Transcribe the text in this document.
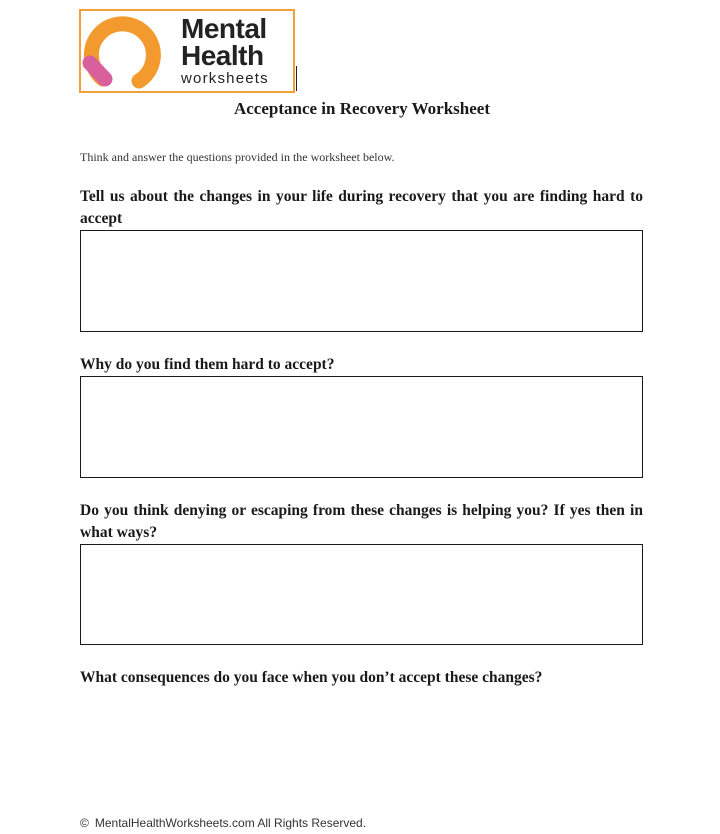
Mental
Health
worksheets
Acceptance in Recovery Worksheet
Think and answer the questions provided in the worksheet below.
Tell us about the changes in your life during recovery that you are finding hard to accept
Why do you find them hard to accept?
Do you think denying or escaping from these changes is helping you? If yes then in what ways?
What consequences do you face when you don’t accept these changes?
© MentalHealthWorksheets.com All Rights Reserved.
